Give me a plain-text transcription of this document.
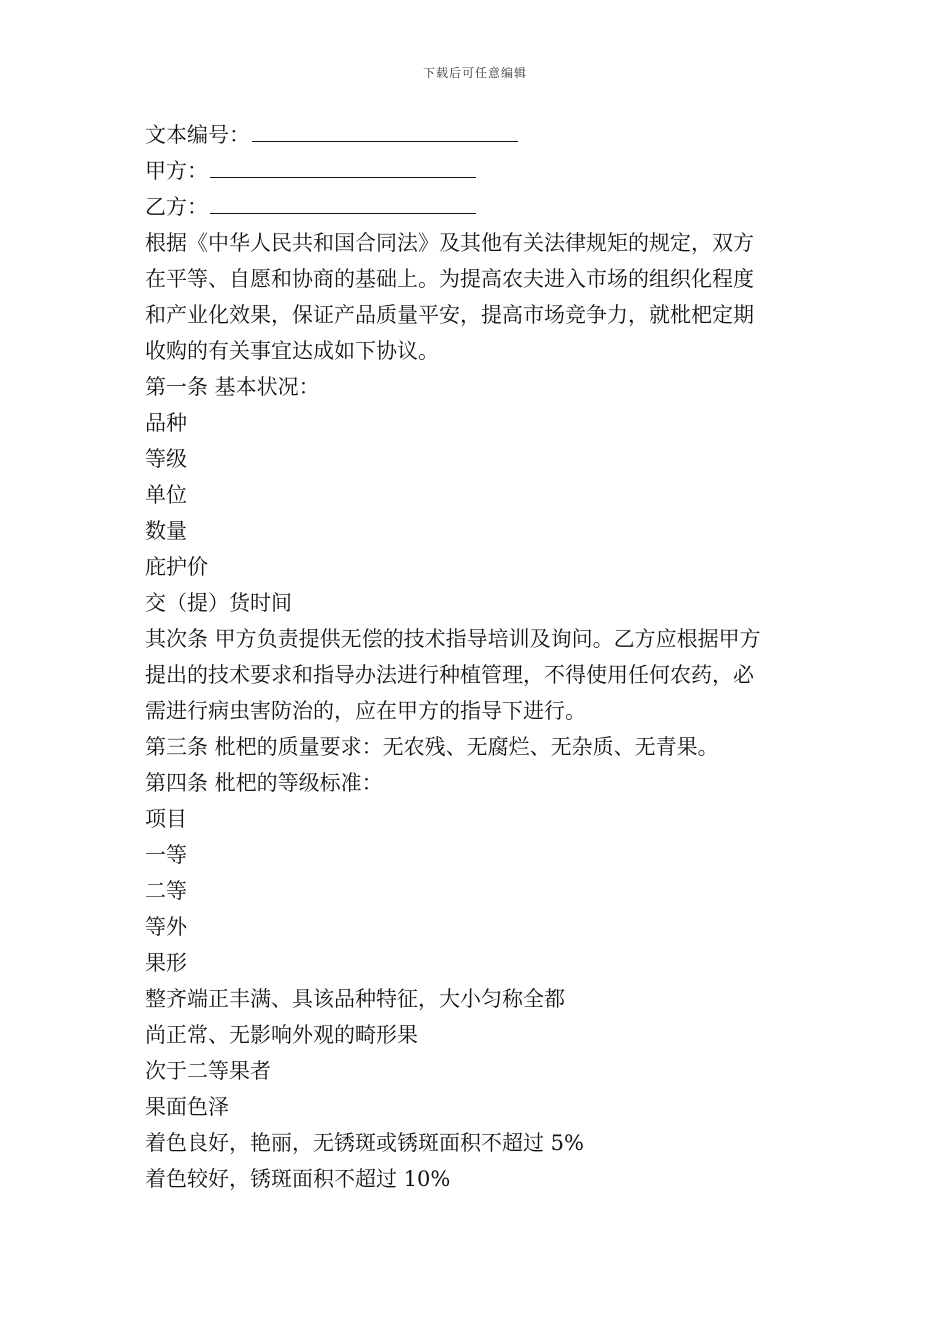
下载后可任意编辑
文本编号：
甲方：
乙方：
根据《中华人民共和国合同法》及其他有关法律规矩的规定，双方
在平等、自愿和协商的基础上。为提高农夫进入市场的组织化程度
和产业化效果，保证产品质量平安，提高市场竞争力，就枇杷定期
收购的有关事宜达成如下协议。
第一条 基本状况：
品种
等级
单位
数量
庇护价
交（提）货时间
其次条 甲方负责提供无偿的技术指导培训及询问。乙方应根据甲方
提出的技术要求和指导办法进行种植管理，不得使用任何农药，必
需进行病虫害防治的，应在甲方的指导下进行。
第三条 枇杷的质量要求：无农残、无腐烂、无杂质、无青果。
第四条 枇杷的等级标准：
项目
一等
二等
等外
果形
整齐端正丰满、具该品种特征，大小匀称全都
尚正常、无影响外观的畸形果
次于二等果者
果面色泽
着色良好，艳丽，无锈斑或锈斑面积不超过 5%
着色较好，锈斑面积不超过 10%
